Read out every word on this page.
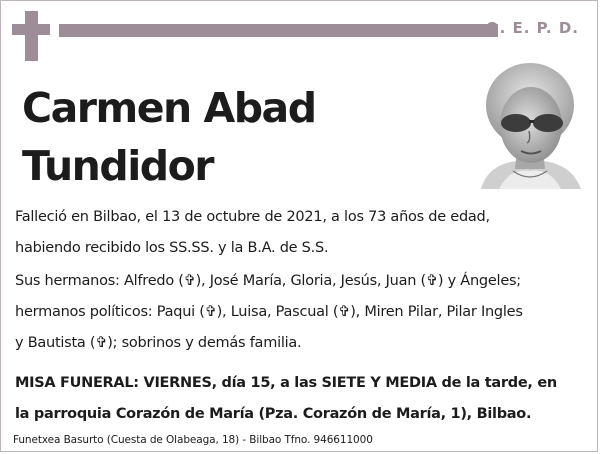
Q. E. P. D.
Carmen Abad
Tundidor

Falleció en Bilbao, el 13 de octubre de 2021, a los 73 años de edad,
habiendo recibido los SS.SS. y la B.A. de S.S.

Sus hermanos: Alfredo (✞), José María, Gloria, Jesús, Juan (✞) y Ángeles;
hermanos políticos: Paqui (✞), Luisa, Pascual (✞), Miren Pilar, Pilar Ingles
y Bautista (✞); sobrinos y demás familia.

MISA FUNERAL: VIERNES, día 15, a las SIETE Y MEDIA de la tarde, en
la parroquia Corazón de María (Pza. Corazón de María, 1), Bilbao.

Funetxea Basurto (Cuesta de Olabeaga, 18) - Bilbao Tfno. 946611000
